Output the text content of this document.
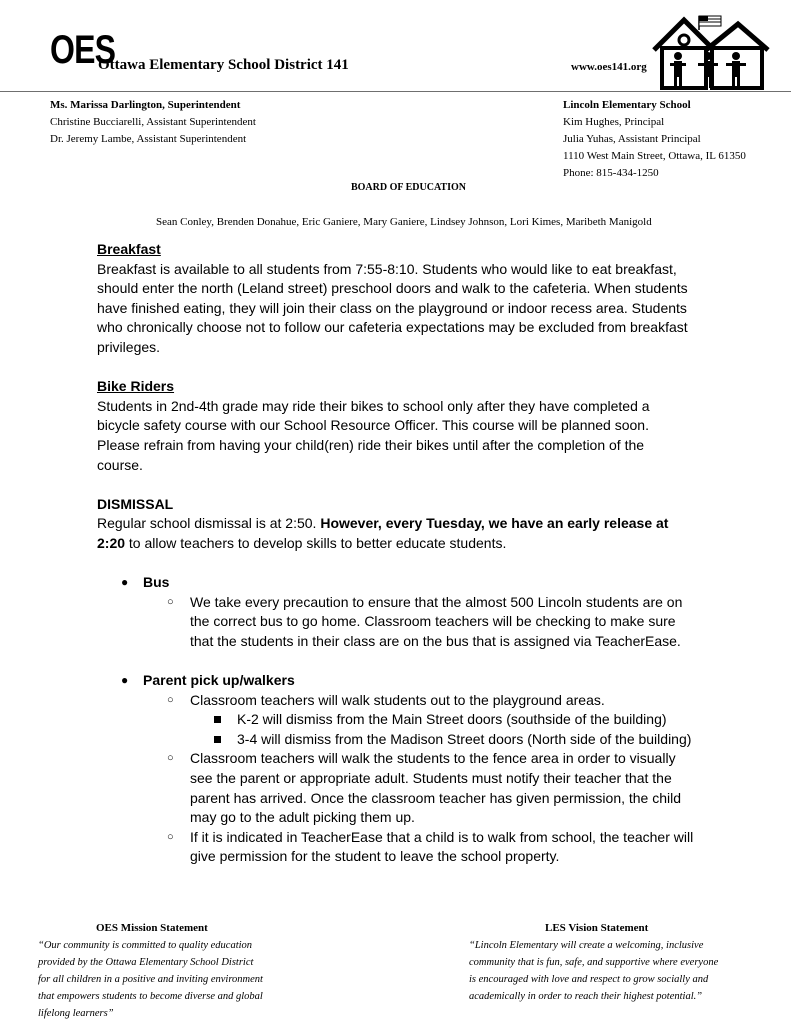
OES
Ottawa Elementary School District 141	www.oes141.org
Ms. Marissa Darlington, Superintendent
Christine Bucciarelli, Assistant Superintendent
Dr. Jeremy Lambe, Assistant Superintendent
Lincoln Elementary School
Kim Hughes, Principal
Julia Yuhas, Assistant Principal
1110 West Main Street, Ottawa, IL 61350
Phone: 815-434-1250
BOARD OF EDUCATION
Sean Conley, Brenden Donahue, Eric Ganiere, Mary Ganiere, Lindsey Johnson, Lori Kimes, Maribeth Manigold
Breakfast
Breakfast is available to all students from 7:55-8:10. Students who would like to eat breakfast,
should enter the north (Leland street) preschool doors and walk to the cafeteria. When students
have finished eating, they will join their class on the playground or indoor recess area. Students
who chronically choose not to follow our cafeteria expectations may be excluded from breakfast
privileges.
Bike Riders
Students in 2nd-4th grade may ride their bikes to school only after they have completed a
bicycle safety course with our School Resource Officer. This course will be planned soon.
Please refrain from having your child(ren) ride their bikes until after the completion of the
course.
DISMISSAL
Regular school dismissal is at 2:50. However, every Tuesday, we have an early release at
2:20 to allow teachers to develop skills to better educate students.
● Bus
○ We take every precaution to ensure that the almost 500 Lincoln students are on
the correct bus to go home. Classroom teachers will be checking to make sure
that the students in their class are on the bus that is assigned via TeacherEase.
● Parent pick up/walkers
○ Classroom teachers will walk students out to the playground areas.
K-2 will dismiss from the Main Street doors (southside of the building)
3-4 will dismiss from the Madison Street doors (North side of the building)
○ Classroom teachers will walk the students to the fence area in order to visually
see the parent or appropriate adult. Students must notify their teacher that the
parent has arrived. Once the classroom teacher has given permission, the child
may go to the adult picking them up.
○ If it is indicated in TeacherEase that a child is to walk from school, the teacher will
give permission for the student to leave the school property.
OES Mission Statement
“Our community is committed to quality education
provided by the Ottawa Elementary School District
for all children in a positive and inviting environment
that empowers students to become diverse and global
lifelong learners”
LES Vision Statement
“Lincoln Elementary will create a welcoming, inclusive
community that is fun, safe, and supportive where everyone
is encouraged with love and respect to grow socially and
academically in order to reach their highest potential.”
